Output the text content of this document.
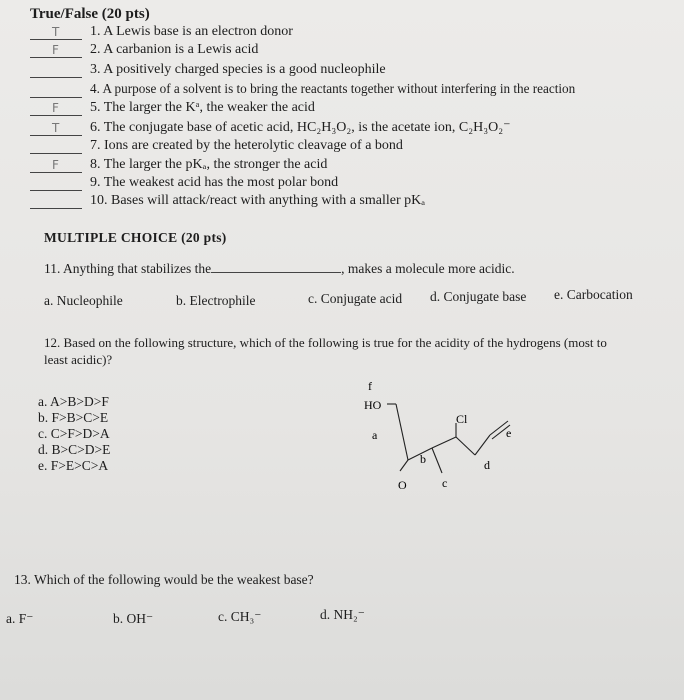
True/False (20 pts)
T 1. A Lewis base is an electron donor
F 2. A carbanion is a Lewis acid
3. A positively charged species is a good nucleophile
4. A purpose of a solvent is to bring the reactants together without interfering in the reaction
F 5. The larger the Kᵃ, the weaker the acid
T 6. The conjugate base of acetic acid, HC₂H₃O₂, is the acetate ion, C₂H₃O₂⁻
7. Ions are created by the heterolytic cleavage of a bond
F 8. The larger the pKₐ, the stronger the acid
9. The weakest acid has the most polar bond
10. Bases will attack/react with anything with a smaller pKₐ
MULTIPLE CHOICE (20 pts)
11. Anything that stabilizes the	, makes a molecule more acidic.
a. Nucleophile	b. Electrophile	c. Conjugate acid d. Conjugate base e. Carbocation
12. Based on the following structure, which of the following is true for the acidity of the hydrogens (most to
least acidic)?
a. A>B>D>F
b. F>B>C>E
c. C>F>D>A
d. B>C>D>E
e. F>E>C>A
f
HO
a
Cl
b
c
d
e
O
13. Which of the following would be the weakest base?
a. F⁻	b. OH⁻	c. CH₃⁻	d. NH₂⁻
